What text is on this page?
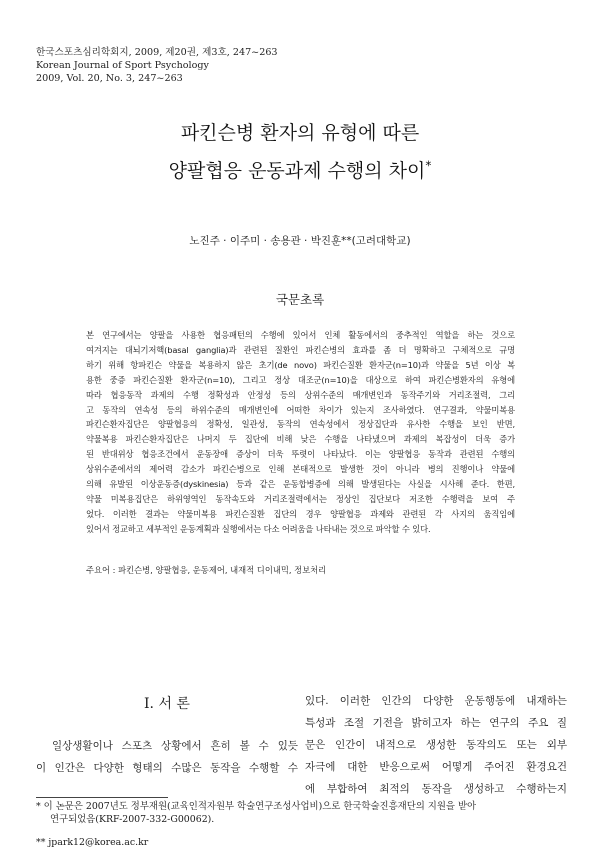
한국스포츠심리학회지, 2009, 제20권, 제3호, 247~263
Korean Journal of Sport Psychology
2009, Vol. 20, No. 3, 247~263
파킨슨병 환자의 유형에 따른
양팔협응 운동과제 수행의 차이*
노진주 · 이주미 · 송용관 · 박진훈**(고려대학교)
국문초록
본 연구에서는 양팔을 사용한 협응패턴의 수행에 있어서 인체 활동에서의 중추적인 역할을 하는 것으로
여겨지는 대뇌기저핵(basal ganglia)과 관련된 질환인 파킨슨병의 효과를 좀 더 명확하고 구체적으로 규명
하기 위해 항파킨슨 약물을 복용하지 않은 초기(de novo) 파킨슨질환 환자군(n=10)과 약물을 5년 이상 복
용한 중증 파킨슨질환 환자군(n=10), 그리고 정상 대조군(n=10)을 대상으로 하여 파킨슨병환자의 유형에
따라 협응동작 과제의 수행 정확성과 안정성 등의 상위수준의 매개변인과 동작주기와 거리조절력, 그리
고 동작의 연속성 등의 하위수준의 매개변인에 어떠한 차이가 있는지 조사하였다. 연구결과, 약물미복용
파킨슨환자집단은 양팔협응의 정확성, 일관성, 동작의 연속성에서 정상집단과 유사한 수행을 보인 반면,
약물복용 파킨슨환자집단은 나머지 두 집단에 비해 낮은 수행을 나타냈으며 과제의 복잡성이 더욱 증가
된 반대위상 협응조건에서 운동장애 증상이 더욱 뚜렷이 나타났다. 이는 양팔협응 동작과 관련된 수행의
상위수준에서의 제어력 감소가 파킨슨병으로 인해 본태적으로 발생한 것이 아니라 병의 진행이나 약물에
의해 유발된 이상운동증(dyskinesia) 등과 같은 운동합병증에 의해 발생된다는 사실을 시사해 준다. 한편,
약물 미복용집단은 하위영역인 동작속도와 거리조절력에서는 정상인 집단보다 저조한 수행력을 보여 주
었다. 이러한 결과는 약물미복용 파킨슨질환 집단의 경우 양팔협응 과제와 관련된 각 사지의 움직임에
있어서 정교하고 세부적인 운동계획과 실행에서는 다소 어려움을 나타내는 것으로 파악할 수 있다.
주요어 : 파킨슨병, 양팔협응, 운동제어, 내재적 디이내믹, 정보처리
Ⅰ. 서 론
일상생활이나 스포츠 상황에서 흔히 볼 수 있듯
이 인간은 다양한 형태의 수많은 동작을 수행할 수
있다. 이러한 인간의 다양한 운동행동에 내재하는
특성과 조절 기전을 밝히고자 하는 연구의 주요 질
문은 인간이 내적으로 생성한 동작의도 또는 외부
자극에 대한 반응으로써 어떻게 주어진 환경요건
에 부합하여 최적의 동작을 생성하고 수행하는지
* 이 논문은 2007년도 정부재원(교육인적자원부 학술연구조성사업비)으로 한국학술진흥재단의 지원을 받아
연구되었음(KRF-2007-332-G00062).
** jpark12@korea.ac.kr
